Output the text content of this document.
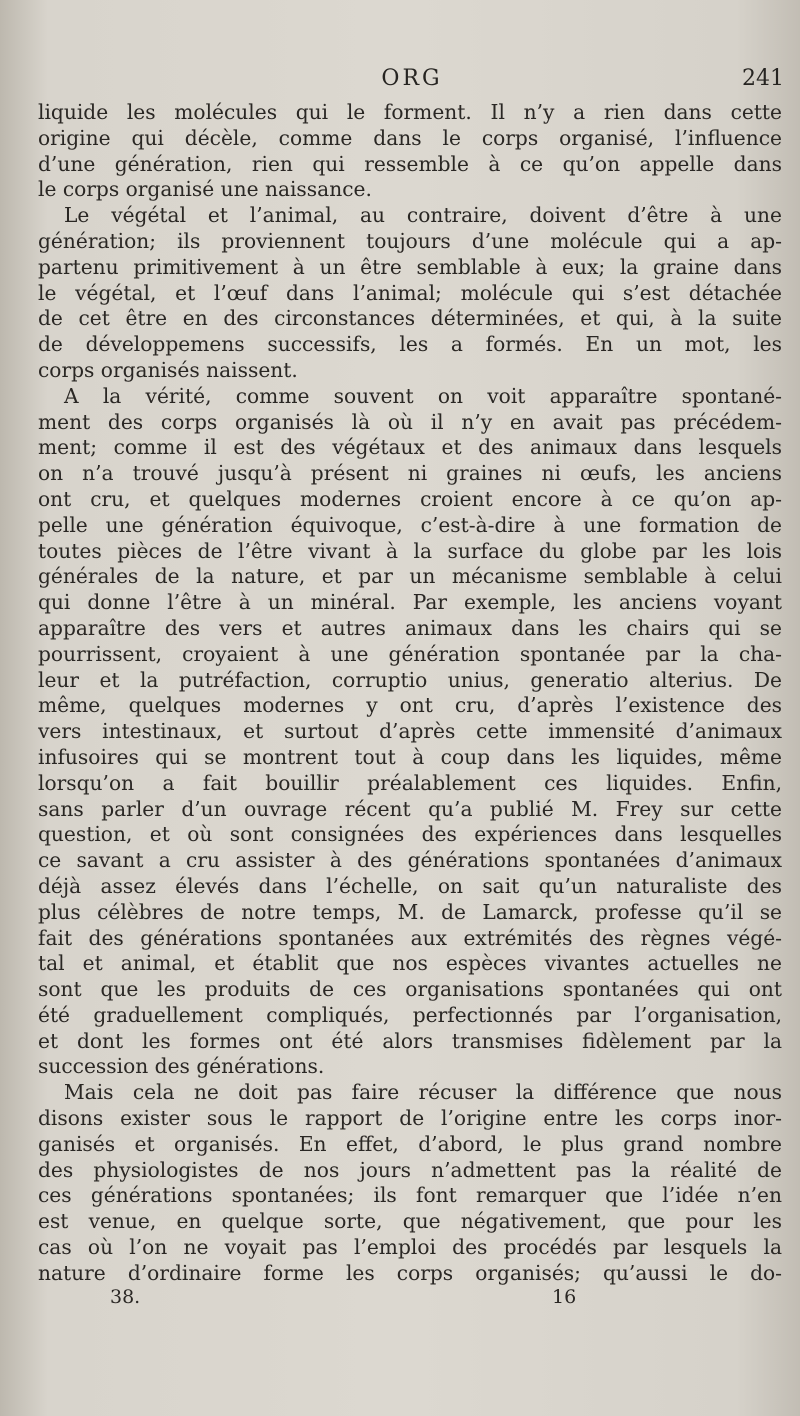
ORG	241
liquide les molécules qui le forment. Il n’y a rien dans cette
origine qui décèle, comme dans le corps organisé, l’influence
d’une génération, rien qui ressemble à ce qu’on appelle dans
le corps organisé une naissance.
Le végétal et l’animal, au contraire, doivent d’être à une
génération; ils proviennent toujours d’une molécule qui a ap-
partenu primitivement à un être semblable à eux; la graine dans
le végétal, et l’œuf dans l’animal; molécule qui s’est détachée
de cet être en des circonstances déterminées, et qui, à la suite
de développemens successifs, les a formés. En un mot, les
corps organisés naissent.
A la vérité, comme souvent on voit apparaître spontané-
ment des corps organisés là où il n’y en avait pas précédem-
ment; comme il est des végétaux et des animaux dans lesquels
on n’a trouvé jusqu’à présent ni graines ni œufs, les anciens
ont cru, et quelques modernes croient encore à ce qu’on ap-
pelle une génération équivoque, c’est-à-dire à une formation de
toutes pièces de l’être vivant à la surface du globe par les lois
générales de la nature, et par un mécanisme semblable à celui
qui donne l’être à un minéral. Par exemple, les anciens voyant
apparaître des vers et autres animaux dans les chairs qui se
pourrissent, croyaient à une génération spontanée par la cha-
leur et la putréfaction, corruptio unius, generatio alterius. De
même, quelques modernes y ont cru, d’après l’existence des
vers intestinaux, et surtout d’après cette immensité d’animaux
infusoires qui se montrent tout à coup dans les liquides, même
lorsqu’on a fait bouillir préalablement ces liquides. Enfin,
sans parler d’un ouvrage récent qu’a publié M. Frey sur cette
question, et où sont consignées des expériences dans lesquelles
ce savant a cru assister à des générations spontanées d’animaux
déjà assez élevés dans l’échelle, on sait qu’un naturaliste des
plus célèbres de notre temps, M. de Lamarck, professe qu’il se
fait des générations spontanées aux extrémités des règnes végé-
tal et animal, et établit que nos espèces vivantes actuelles ne
sont que les produits de ces organisations spontanées qui ont
été graduellement compliqués, perfectionnés par l’organisation,
et dont les formes ont été alors transmises fidèlement par la
succession des générations.
Mais cela ne doit pas faire récuser la différence que nous
disons exister sous le rapport de l’origine entre les corps inor-
ganisés et organisés. En effet, d’abord, le plus grand nombre
des physiologistes de nos jours n’admettent pas la réalité de
ces générations spontanées; ils font remarquer que l’idée n’en
est venue, en quelque sorte, que négativement, que pour les
cas où l’on ne voyait pas l’emploi des procédés par lesquels la
nature d’ordinaire forme les corps organisés; qu’aussi le do-
38.	16
